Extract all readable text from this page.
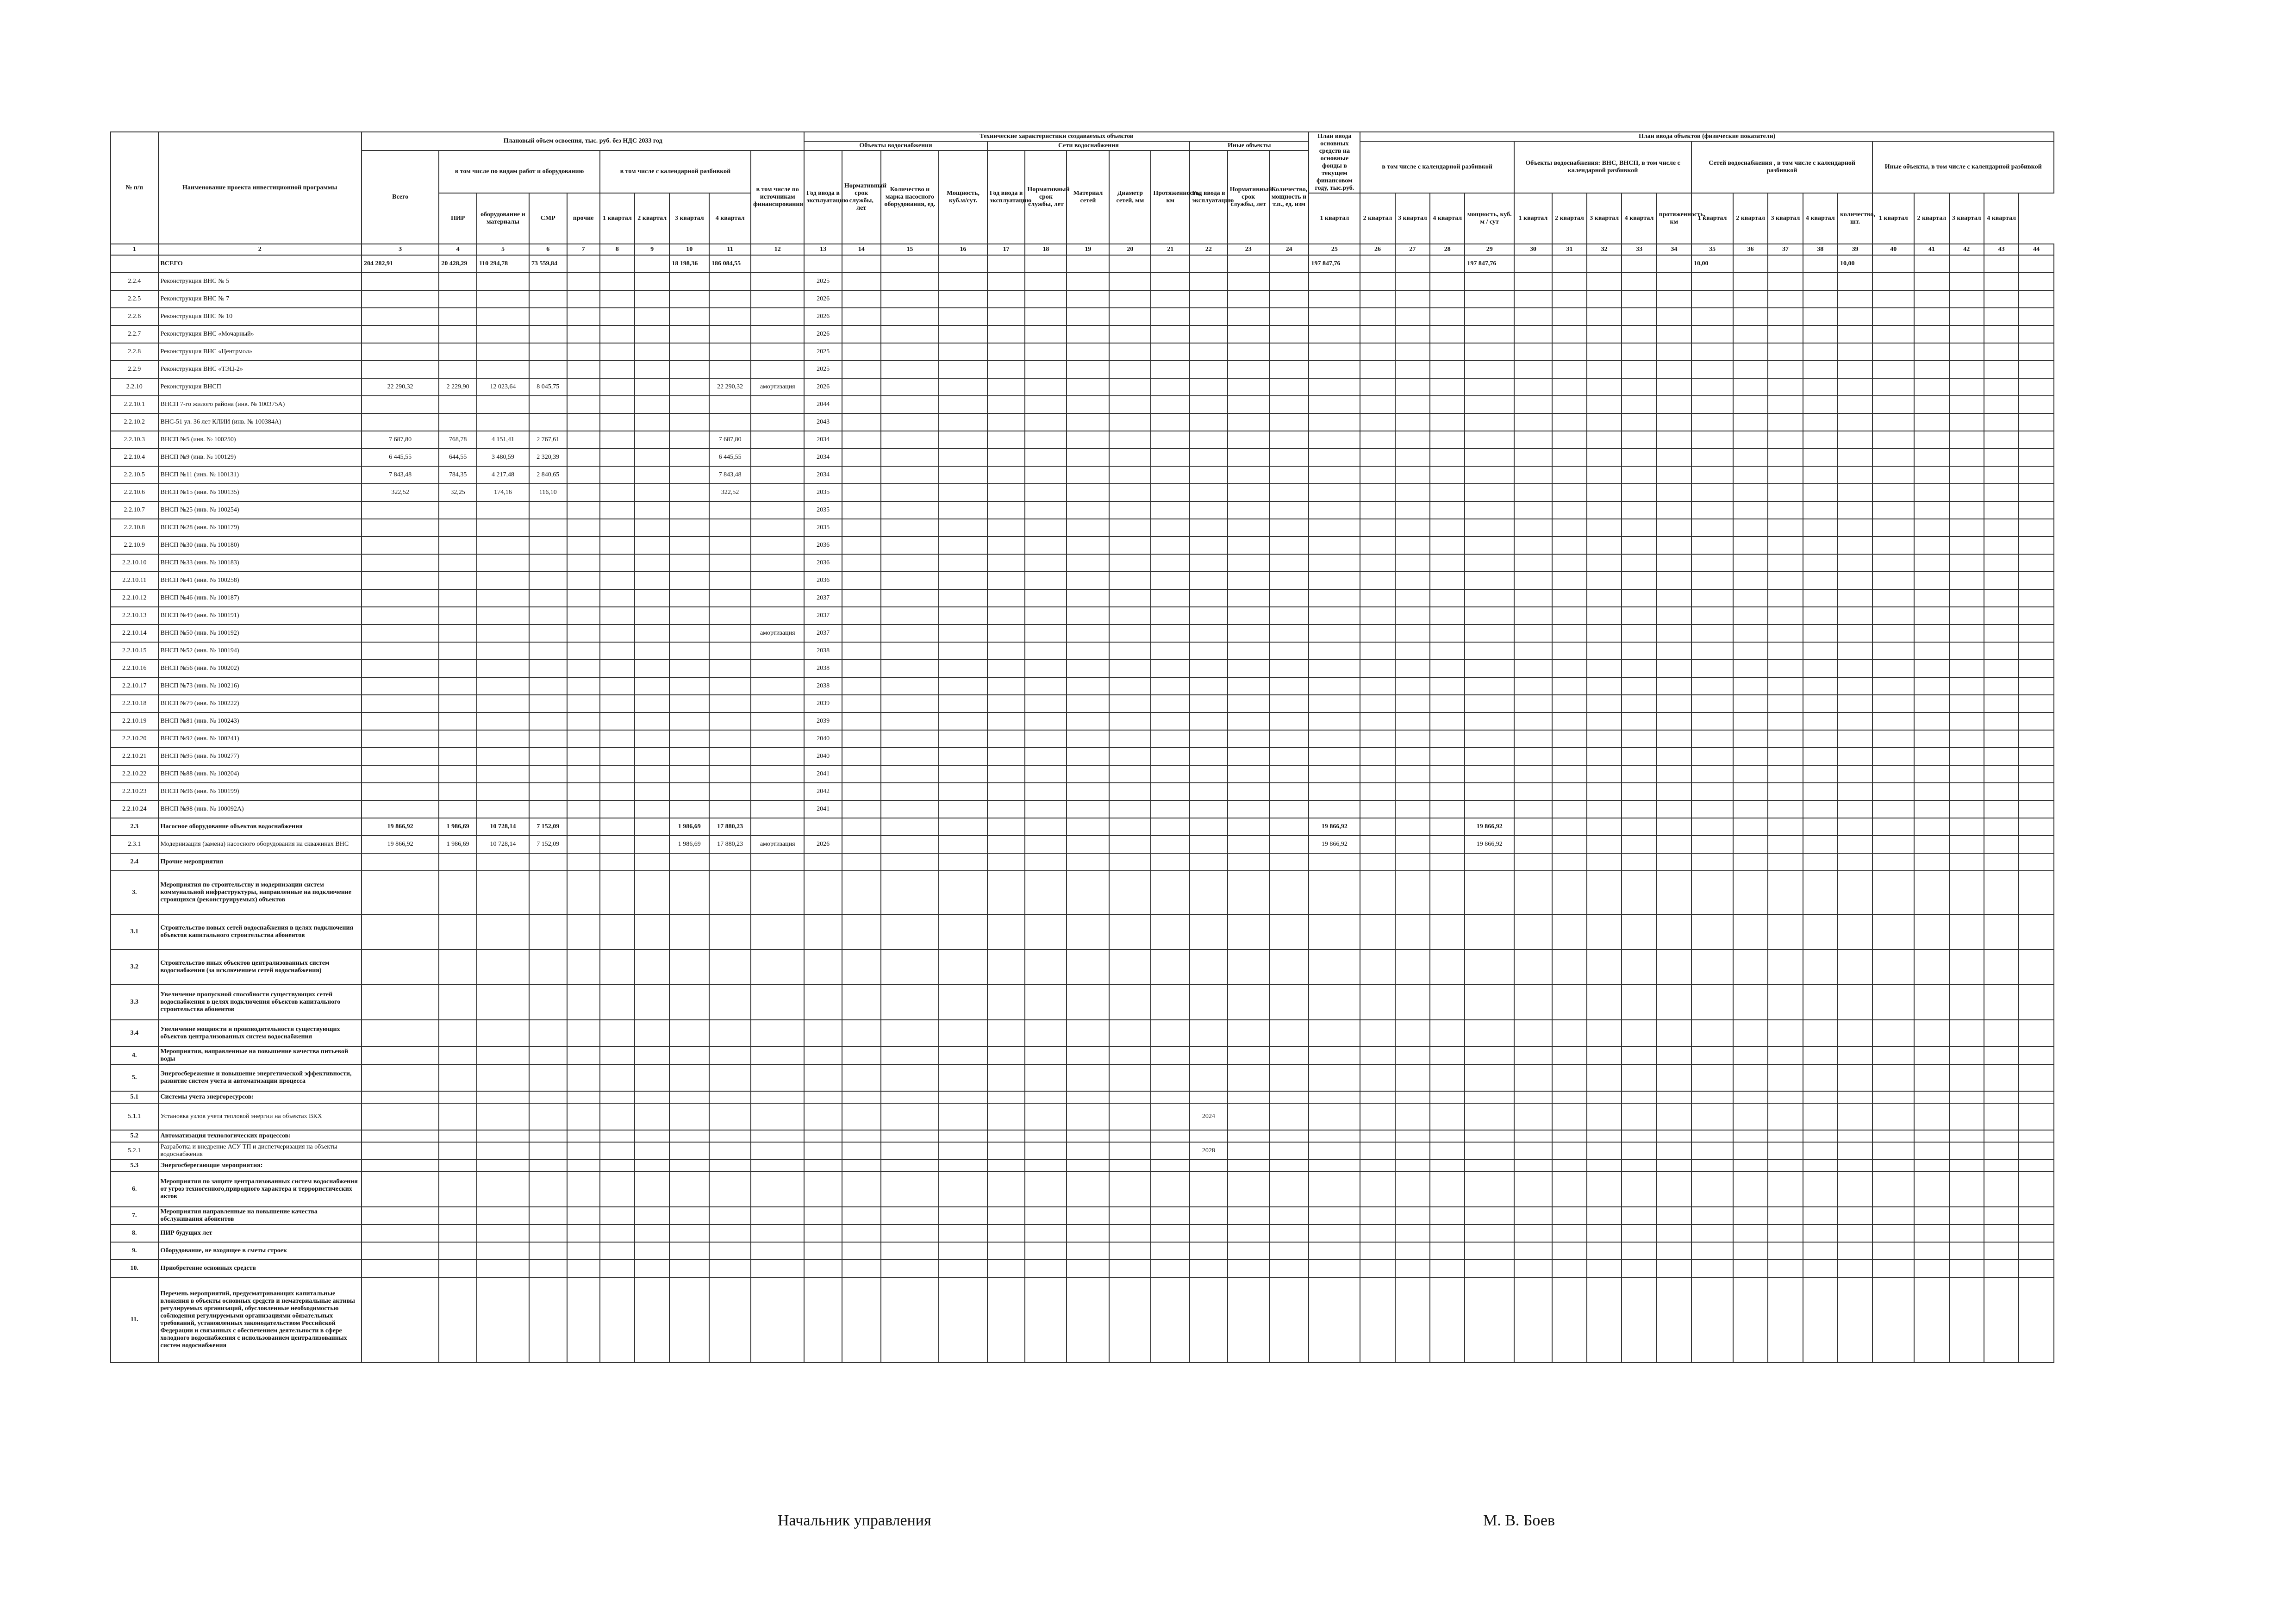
№ п/п	Наименование проекта инвестиционной программы	Плановый объем освоения, тыс. руб. без НДС 2033 год										Технические характеристики создаваемых объектов												План ввода основных средств на основные фонды в текущем финансовом году, тыс.руб.	План ввода объектов (физические показатели)																		
												Объекты водоснабжения				Сети водоснабжения					Иные объекты				в том числе с календарной разбивкой				Объекты водоснабжения: ВНС, ВНСП, в том числе с календарной разбивкой					Сетей водоснабжения , в том числе с календарной разбивкой					Иные объекты, в том числе с календарной разбивкой				
		Всего	в том числе по видам работ и оборудованию				в том числе с календарной разбивкой				в том числе по источникам финансирования	Год ввода в эксплуатацию	Нормативный срок службы, лет	Количество и марка насосного оборудования, ед.	Мощность, куб.м/сут.	Год ввода в эксплуатацию	Нормативный срок службы, лет	Материал сетей	Диаметр сетей, мм	Протяженность, км	Год ввода в эксплуатацию	Нормативный срок службы, лет	Количество, мощность и т.п., ед. изм																				
			ПИР	оборудование и материалы	СМР	прочие	1 квартал	2 квартал	3 квартал	4 квартал														1 квартал	2 квартал	3 квартал	4 квартал	мощность, куб. м / сут	1 квартал	2 квартал	3 квартал	4 квартал	протяженность, км	1 квартал	2 квартал	3 квартал	4 квартал	количество, шт.	1 квартал	2 квартал	3 квартал	4 квартал	
1	2	3	4	5	6	7	8	9	10	11	12	13	14	15	16	17	18	19	20	21	22	23	24	25	26	27	28	29	30	31	32	33	34	35	36	37	38	39	40	41	42	43	44
	ВСЕГО	204 282,91	20 428,29	110 294,78	73 559,84				18 198,36	186 084,55														197 847,76				197 847,76						10,00				10,00					
2.2.4	Реконструкция ВНС № 5											2025																															
2.2.5	Реконструкция ВНС № 7											2026																															
2.2.6	Реконструкция ВНС № 10											2026																															
2.2.7	Реконструкция ВНС «Мочарный»											2026																															
2.2.8	Реконструкция ВНС «Центрмол»											2025																															
2.2.9	Реконструкция ВНС «ТЭЦ-2»											2025																															
2.2.10	Реконструкция ВНСП	22 290,32	2 229,90	12 023,64	8 045,75					22 290,32	амортизация	2026																															
2.2.10.1	ВНСП 7-го жилого района (инв. № 100375А)											2044																															
2.2.10.2	ВНС-51 ул. 36 лет КЛИИ (инв. № 100384А)											2043																															
2.2.10.3	ВНСП №5 (инв. № 100250)	7 687,80	768,78	4 151,41	2 767,61					7 687,80		2034																															
2.2.10.4	ВНСП №9 (инв. № 100129)	6 445,55	644,55	3 480,59	2 320,39					6 445,55		2034																															
2.2.10.5	ВНСП №11 (инв. № 100131)	7 843,48	784,35	4 217,48	2 840,65					7 843,48		2034																															
2.2.10.6	ВНСП №15 (инв. № 100135)	322,52	32,25	174,16	116,10					322,52		2035																															
2.2.10.7	ВНСП №25 (инв. № 100254)											2035																															
2.2.10.8	ВНСП №28 (инв. № 100179)											2035																															
2.2.10.9	ВНСП №30 (инв. № 100180)											2036																															
2.2.10.10	ВНСП №33 (инв. № 100183)											2036																															
2.2.10.11	ВНСП №41 (инв. № 100258)											2036																															
2.2.10.12	ВНСП №46 (инв. № 100187)											2037																															
2.2.10.13	ВНСП №49 (инв. № 100191)											2037																															
2.2.10.14	ВНСП №50 (инв. № 100192)										амортизация	2037																															
2.2.10.15	ВНСП №52 (инв. № 100194)											2038																															
2.2.10.16	ВНСП №56 (инв. № 100202)											2038																															
2.2.10.17	ВНСП №73 (инв. № 100216)											2038																															
2.2.10.18	ВНСП №79 (инв. № 100222)											2039																															
2.2.10.19	ВНСП №81 (инв. № 100243)											2039																															
2.2.10.20	ВНСП №92 (инв. № 100241)											2040																															
2.2.10.21	ВНСП №95 (инв. № 100277)											2040																															
2.2.10.22	ВНСП №88 (инв. № 100204)											2041																															
2.2.10.23	ВНСП №96 (инв. № 100199)											2042																															
2.2.10.24	ВНСП №98 (инв. № 100092А)											2041																															
2.3	Насосное оборудование объектов водоснабжения	19 866,92	1 986,69	10 728,14	7 152,09				1 986,69	17 880,23														19 866,92				19 866,92															
2.3.1	Модернизация (замена) насосного оборудования на скважинах ВНС	19 866,92	1 986,69	10 728,14	7 152,09				1 986,69	17 880,23	амортизация	2026												19 866,92				19 866,92															
2.4	Прочие мероприятия																																										
3.	Мероприятия по строительству и модернизации систем коммунальной инфраструктуры, направленные на подключение строящихся (реконструируемых) объектов																																										
3.1	Строительство новых сетей водоснабжения в целях подключения объектов капитального строительства абонентов																																										
3.2	Строительство иных объектов централизованных систем водоснабжения (за исключением сетей водоснабжения)																																										
3.3	Увеличение пропускной способности существующих сетей водоснабжения в целях подключения объектов капитального строительства абонентов																																										
3.4	Увеличение мощности и производительности существующих объектов централизованных систем водоснабжения																																										
4.	Мероприятия, направленные на повышение качества питьевой воды																																										
5.	Энергосбережение и повышение энергетической эффективности, развитие систем учета и автоматизации процесса																																										
5.1	Системы учета энергоресурсов:																																										
5.1.1	Установка узлов учета тепловой энергии на объектах ВКХ																				2024																						
5.2	Автоматизация технологических процессов:																																										
5.2.1	Разработка и внедрение АСУ ТП и диспетчеризация на объекты водоснабжения																				2028																						
5.3	Энергосберегающие мероприятия:																																										
6.	Мероприятия по защите централизованных систем водоснабжения от угроз техногенного,природного характера и террористических актов																																										
7.	Мероприятия направленные на повышение качества обслуживания абонентов																																										
8.	ПИР будущих лет																																										
9.	Оборудование, не входящее в сметы строек																																										
10.	Приобретение основных средств																																										
11.	Перечень мероприятий, предусматривающих капитальные вложения в объекты основных средств и нематериальные активы регулируемых организаций, обусловленные необходимостью соблюдения регулируемыми организациями обязательных требований, установленных законодательством Российской Федерации и связанных с обеспечением деятельности в сфере холодного водоснабжения с использованием централизованных систем водоснабжения																																										
Начальник управления	М. В. Боев
